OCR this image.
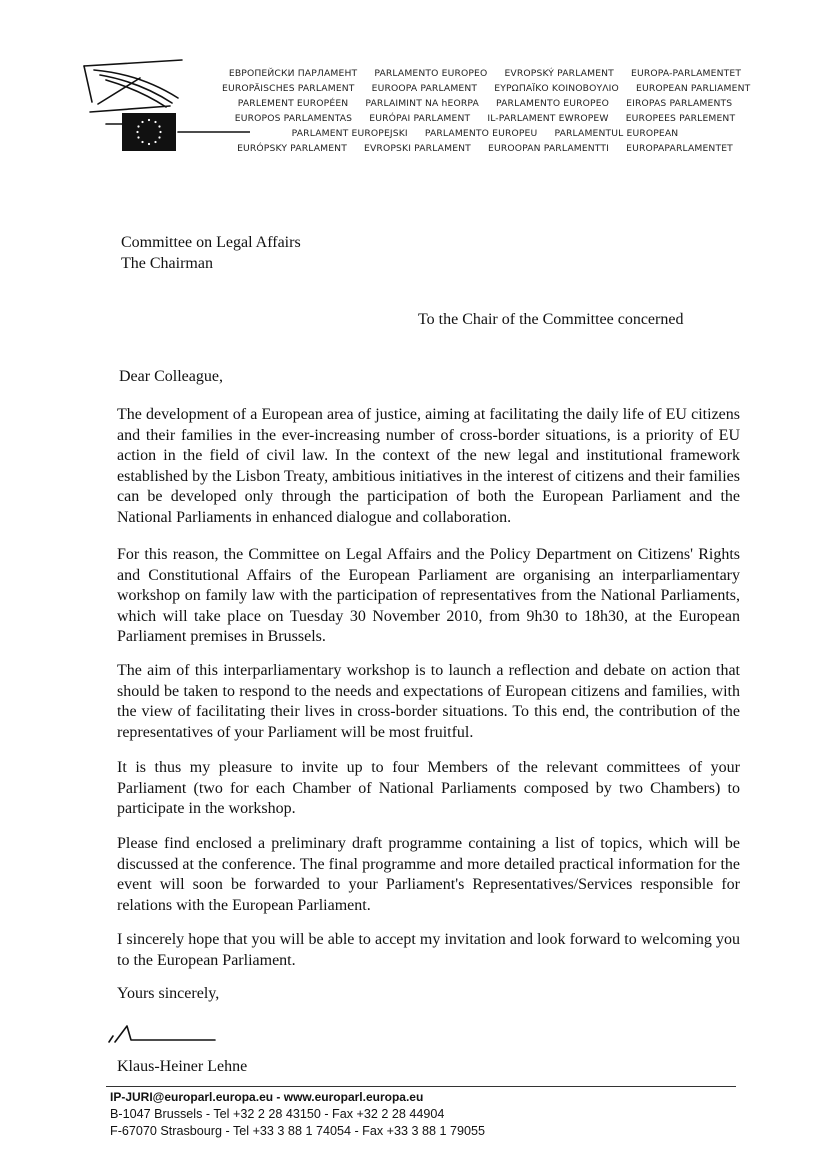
ЕВРОПЕЙСКИ ПАРЛАМЕНТ PARLAMENTO EUROPEO EVROPSKÝ PARLAMENT EUROPA-PARLAMENTET
EUROPÄISCHES PARLAMENT EUROOPA PARLAMENT ΕΥΡΩΠΑΪΚΟ ΚΟΙΝΟΒΟΥΛΙΟ EUROPEAN PARLIAMENT
PARLEMENT EUROPÉEN PARLAIMINT NA hEORPA PARLAMENTO EUROPEO EIROPAS PARLAMENTS
EUROPOS PARLAMENTAS EURÓPAI PARLAMENT IL-PARLAMENT EWROPEW EUROPEES PARLEMENT
PARLAMENT EUROPEJSKI PARLAMENTO EUROPEU PARLAMENTUL EUROPEAN
EURÓPSKY PARLAMENT EVROPSKI PARLAMENT EUROOPAN PARLAMENTTI EUROPAPARLAMENTET
Committee on Legal Affairs
The Chairman
To the Chair of the Committee concerned
Dear Colleague,
The development of a European area of justice, aiming at facilitating the daily life of EU citizens and their families in the ever-increasing number of cross-border situations, is a priority of EU action in the field of civil law. In the context of the new legal and institutional framework established by the Lisbon Treaty, ambitious initiatives in the interest of citizens and their families can be developed only through the participation of both the European Parliament and the National Parliaments in enhanced dialogue and collaboration.
For this reason, the Committee on Legal Affairs and the Policy Department on Citizens' Rights and Constitutional Affairs of the European Parliament are organising an interparliamentary workshop on family law with the participation of representatives from the National Parliaments, which will take place on Tuesday 30 November 2010, from 9h30 to 18h30, at the European Parliament premises in Brussels.
The aim of this interparliamentary workshop is to launch a reflection and debate on action that should be taken to respond to the needs and expectations of European citizens and families, with the view of facilitating their lives in cross-border situations. To this end, the contribution of the representatives of your Parliament will be most fruitful.
It is thus my pleasure to invite up to four Members of the relevant committees of your Parliament (two for each Chamber of National Parliaments composed by two Chambers) to participate in the workshop.
Please find enclosed a preliminary draft programme containing a list of topics, which will be discussed at the conference. The final programme and more detailed practical information for the event will soon be forwarded to your Parliament's Representatives/Services responsible for relations with the European Parliament.
I sincerely hope that you will be able to accept my invitation and look forward to welcoming you to the European Parliament.
Yours sincerely,
Klaus-Heiner Lehne
IP-JURI@europarl.europa.eu - www.europarl.europa.eu
B-1047 Brussels - Tel +32 2 28 43150 - Fax +32 2 28 44904
F-67070 Strasbourg - Tel +33 3 88 1 74054 - Fax +33 3 88 1 79055
